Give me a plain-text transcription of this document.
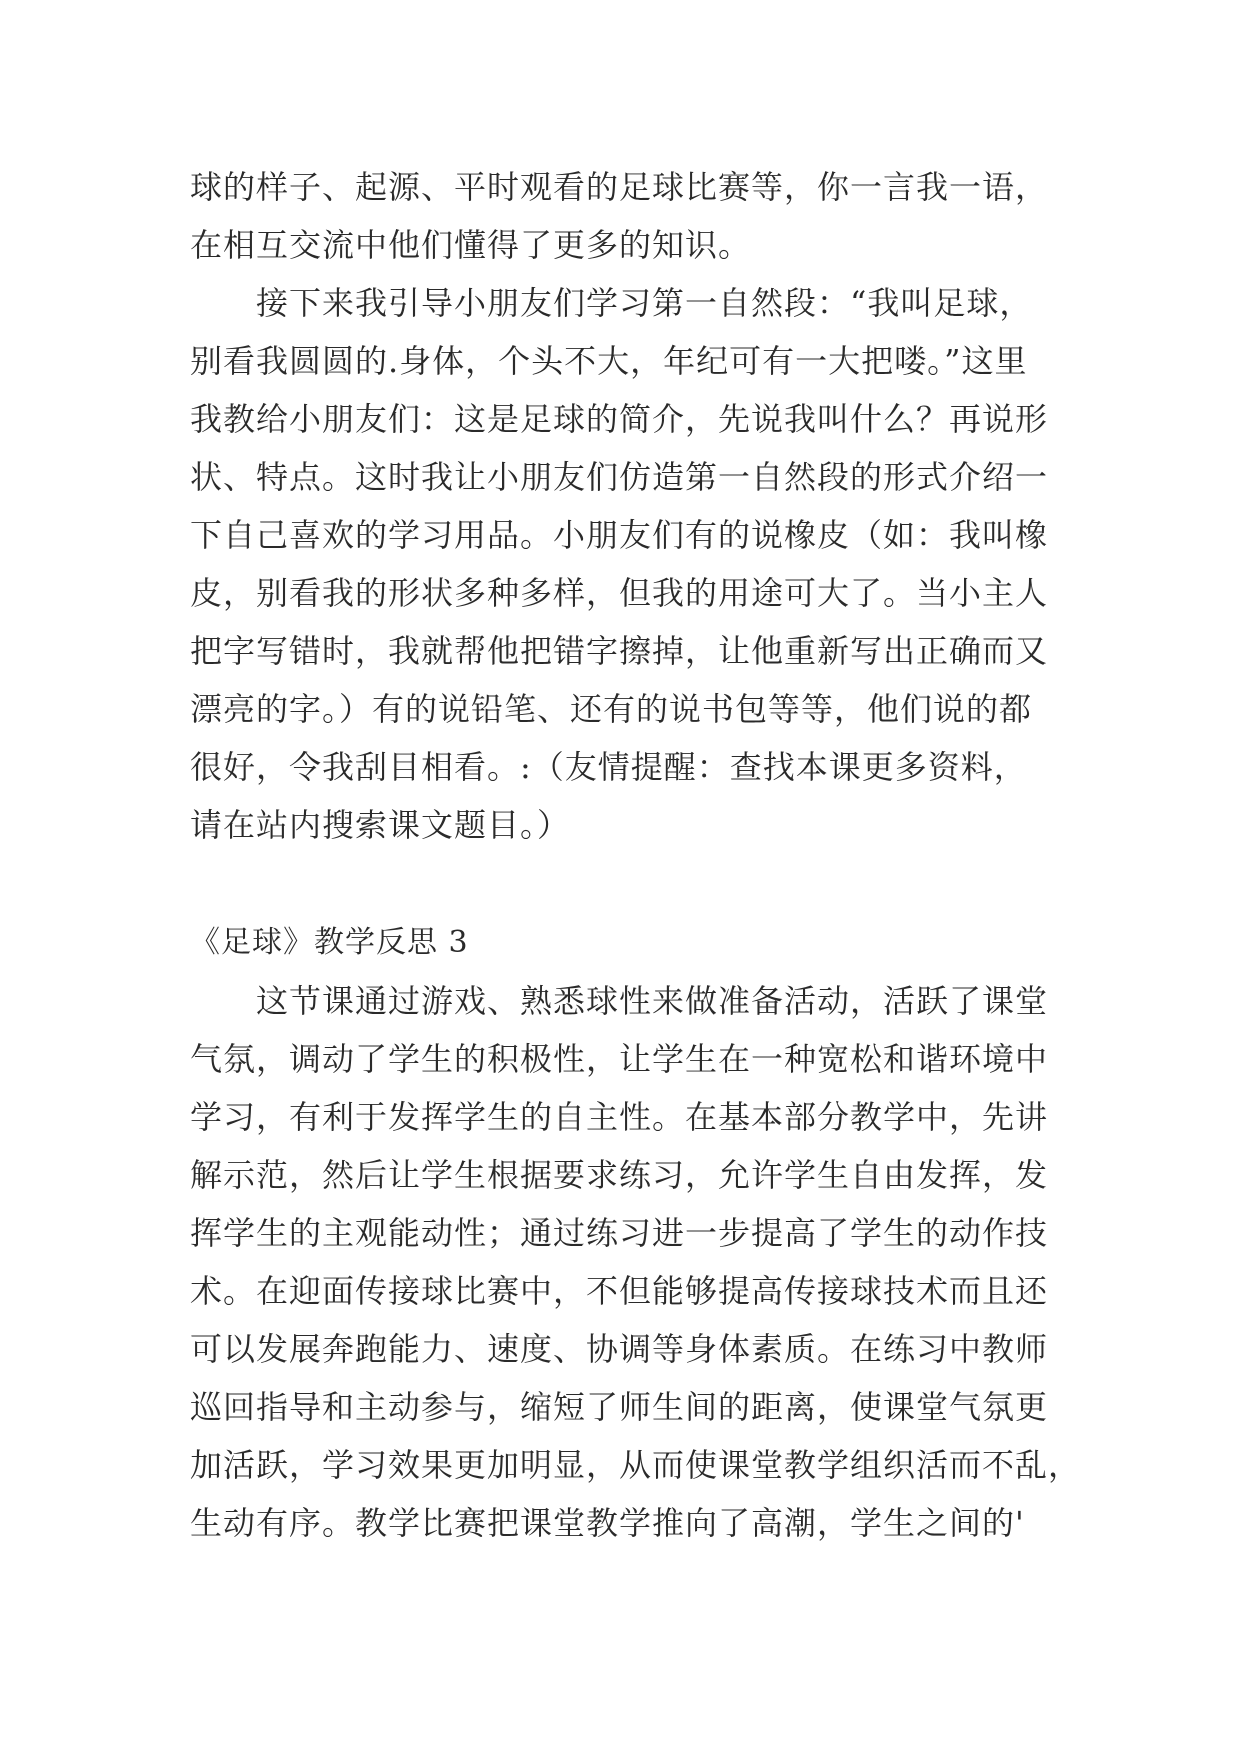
球的样子、起源、平时观看的足球比赛等，你一言我一语，
在相互交流中他们懂得了更多的知识。
　　接下来我引导小朋友们学习第一自然段：“我叫足球，
别看我圆圆的.身体，个头不大，年纪可有一大把喽。”这里
我教给小朋友们：这是足球的简介，先说我叫什么？再说形
状、特点。这时我让小朋友们仿造第一自然段的形式介绍一
下自己喜欢的学习用品。小朋友们有的说橡皮（如：我叫橡
皮，别看我的形状多种多样，但我的用途可大了。当小主人
把字写错时，我就帮他把错字擦掉，让他重新写出正确而又
漂亮的字。）有的说铅笔、还有的说书包等等，他们说的都
很好，令我刮目相看。:（友情提醒：查找本课更多资料，
请在站内搜索课文题目。）
《足球》教学反思 3
　　这节课通过游戏、熟悉球性来做准备活动，活跃了课堂
气氛，调动了学生的积极性，让学生在一种宽松和谐环境中
学习，有利于发挥学生的自主性。在基本部分教学中，先讲
解示范，然后让学生根据要求练习，允许学生自由发挥，发
挥学生的主观能动性；通过练习进一步提高了学生的动作技
术。在迎面传接球比赛中，不但能够提高传接球技术而且还
可以发展奔跑能力、速度、协调等身体素质。在练习中教师
巡回指导和主动参与，缩短了师生间的距离，使课堂气氛更
加活跃，学习效果更加明显，从而使课堂教学组织活而不乱，
生动有序。教学比赛把课堂教学推向了高潮，学生之间的'
